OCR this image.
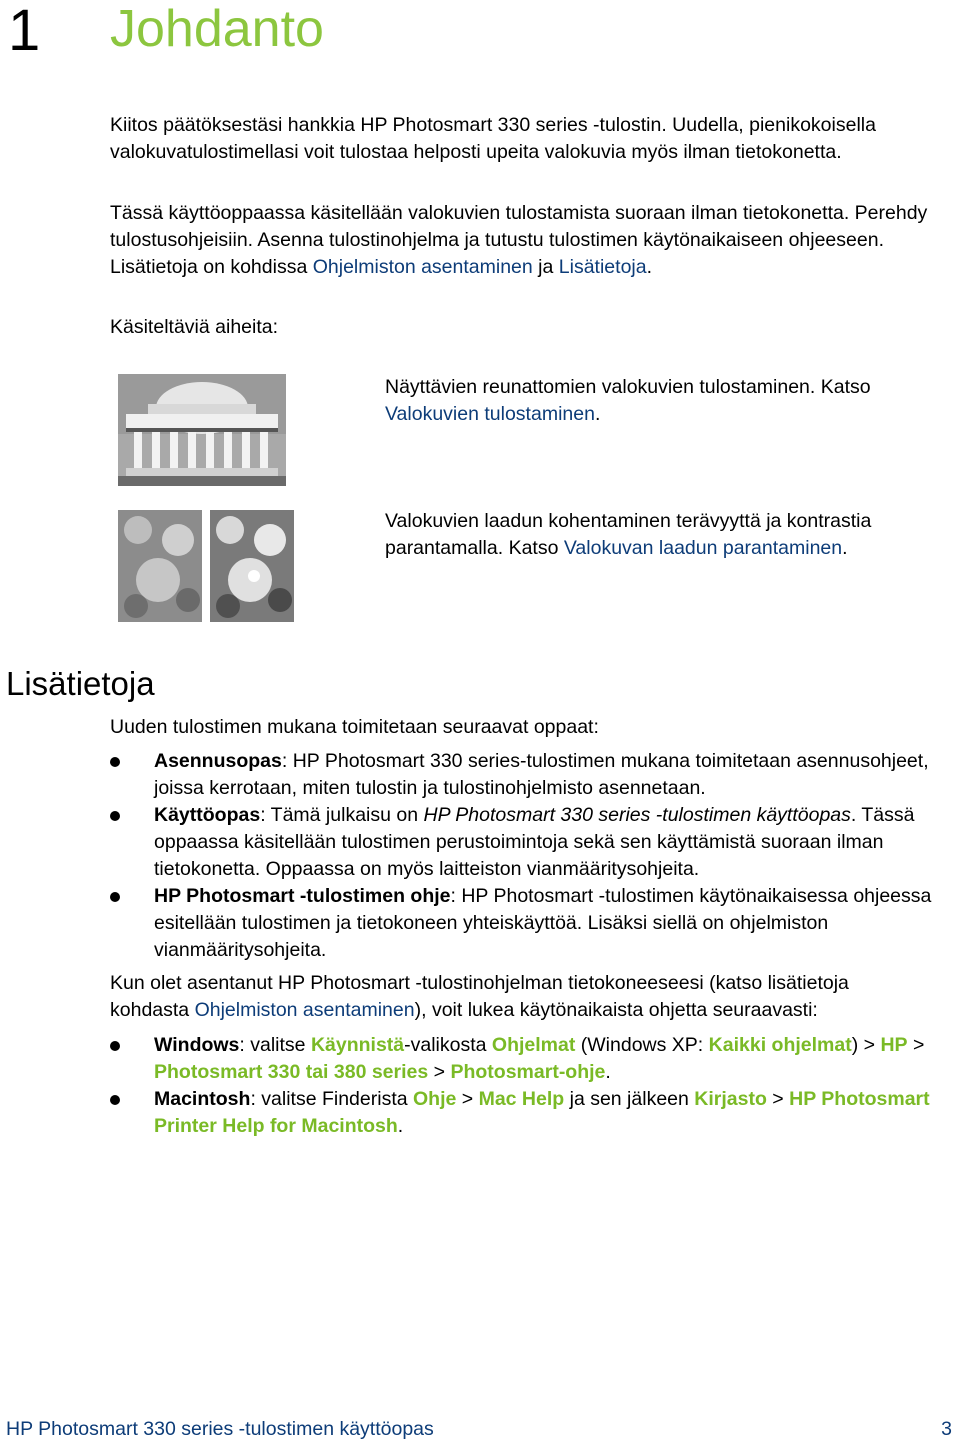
1 Johdanto
Kiitos päätöksestäsi hankkia HP Photosmart 330 series -tulostin. Uudella, pienikokoisella valokuvatulostimellasi voit tulostaa helposti upeita valokuvia myös ilman tietokonetta.
Tässä käyttöoppaassa käsitellään valokuvien tulostamista suoraan ilman tietokonetta. Perehdy tulostusohjeisiin. Asenna tulostinohjelma ja tutustu tulostimen käytönaikaiseen ohjeeseen. Lisätietoja on kohdissa Ohjelmiston asentaminen ja Lisätietoja.
Käsiteltäviä aiheita:
Näyttävien reunattomien valokuvien tulostaminen. Katso Valokuvien tulostaminen.
Valokuvien laadun kohentaminen terävyyttä ja kontrastia parantamalla. Katso Valokuvan laadun parantaminen.
Lisätietoja
Uuden tulostimen mukana toimitetaan seuraavat oppaat:
Asennusopas: HP Photosmart 330 series-tulostimen mukana toimitetaan asennusohjeet, joissa kerrotaan, miten tulostin ja tulostinohjelmisto asennetaan.
Käyttöopas: Tämä julkaisu on HP Photosmart 330 series -tulostimen käyttöopas. Tässä oppaassa käsitellään tulostimen perustoimintoja sekä sen käyttämistä suoraan ilman tietokonetta. Oppaassa on myös laitteiston vianmääritysohjeita.
HP Photosmart -tulostimen ohje: HP Photosmart -tulostimen käytönaikaisessa ohjeessa esitellään tulostimen ja tietokoneen yhteiskäyttöä. Lisäksi siellä on ohjelmiston vianmääritysohjeita.
Kun olet asentanut HP Photosmart -tulostinohjelman tietokoneeseesi (katso lisätietoja kohdasta Ohjelmiston asentaminen), voit lukea käytönaikaista ohjetta seuraavasti:
Windows: valitse Käynnistä-valikosta Ohjelmat (Windows XP: Kaikki ohjelmat) > HP > Photosmart 330 tai 380 series > Photosmart-ohje.
Macintosh: valitse Finderista Ohje > Mac Help ja sen jälkeen Kirjasto > HP Photosmart Printer Help for Macintosh.
HP Photosmart 330 series -tulostimen käyttöopas	3
